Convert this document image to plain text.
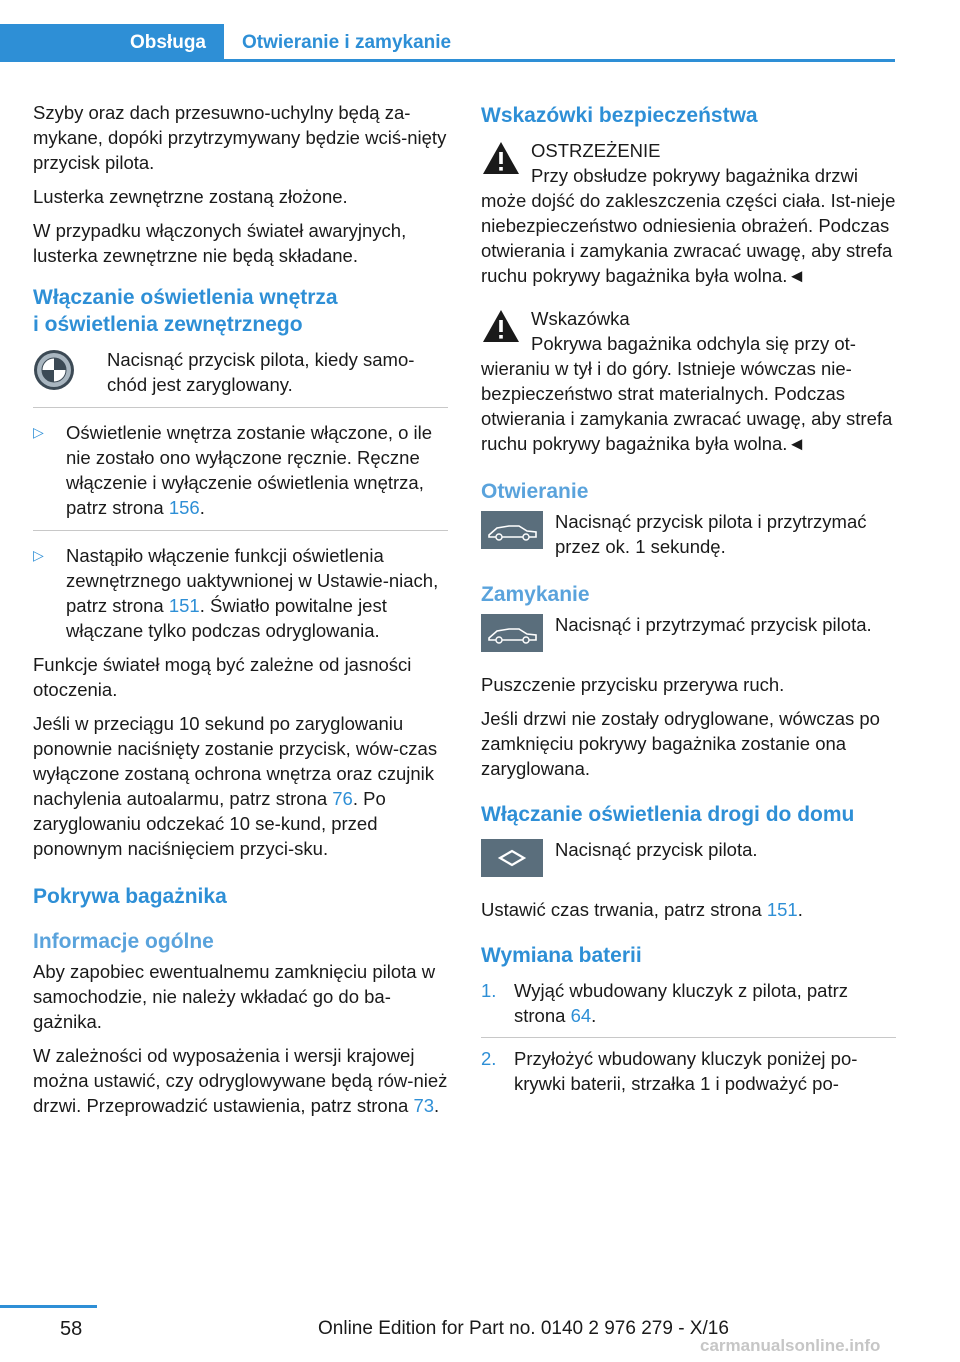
Obsługa	Otwieranie i zamykanie

Szyby oraz dach przesuwno-uchylny będą za‐mykane, dopóki przytrzymywany będzie wciś‐nięty przycisk pilota.

Lusterka zewnętrzne zostaną złożone.

W przypadku włączonych świateł awaryjnych, lusterka zewnętrzne nie będą składane.

Włączanie oświetlenia wnętrza
i oświetlenia zewnętrznego
Nacisnąć przycisk pilota, kiedy samo‐chód jest zaryglowany.
▷ Oświetlenie wnętrza zostanie włączone, o ile nie zostało ono wyłączone ręcznie. Ręczne włączenie i wyłączenie oświetlenia wnętrza, patrz strona 156.
▷ Nastąpiło włączenie funkcji oświetlenia zewnętrznego uaktywnionej w Ustawie‐niach, patrz strona 151. Światło powitalne jest włączane tylko podczas odryglowania.

Funkcje świateł mogą być zależne od jasności otoczenia.

Jeśli w przeciągu 10 sekund po zaryglowaniu ponownie naciśnięty zostanie przycisk, wów‐czas wyłączone zostaną ochrona wnętrza oraz czujnik nachylenia autoalarmu, patrz strona 76. Po zaryglowaniu odczekać 10 se‐kund, przed ponownym naciśnięciem przyci‐sku.

Pokrywa bagażnika
Informacje ogólne

Aby zapobiec ewentualnemu zamknięciu pilota w samochodzie, nie należy wkładać go do ba‐gażnika.

W zależności od wyposażenia i wersji krajowej można ustawić, czy odryglowywane będą rów‐nież drzwi. Przeprowadzić ustawienia, patrz strona 73.

Wskazówki bezpieczeństwa
OSTRZEŻENIE
Przy obsłudze pokrywy bagażnika drzwi może dojść do zakleszczenia części ciała. Ist‐nieje niebezpieczeństwo odniesienia obrażeń. Podczas otwierania i zamykania zwracać uwagę, aby strefa ruchu pokrywy bagażnika była wolna.◄
Wskazówka
Pokrywa bagażnika odchyla się przy ot‐wieraniu w tył i do góry. Istnieje wówczas nie‐bezpieczeństwo strat materialnych. Podczas otwierania i zamykania zwracać uwagę, aby strefa ruchu pokrywy bagażnika była wolna.◄
Otwieranie
Nacisnąć przycisk pilota i przytrzymać przez ok. 1 sekundę.
Zamykanie
Nacisnąć i przytrzymać przycisk pilota.

Puszczenie przycisku przerywa ruch.

Jeśli drzwi nie zostały odryglowane, wówczas po zamknięciu pokrywy bagażnika zostanie ona zaryglowana.

Włączanie oświetlenia drogi do domu
Nacisnąć przycisk pilota.

Ustawić czas trwania, patrz strona 151.

Wymiana baterii
1. Wyjąć wbudowany kluczyk z pilota, patrz strona 64.
2. Przyłożyć wbudowany kluczyk poniżej po‐krywki baterii, strzałka 1 i podważyć po‐
58	Online Edition for Part no. 0140 2 976 279 - X/16
carmanualsonline.info
